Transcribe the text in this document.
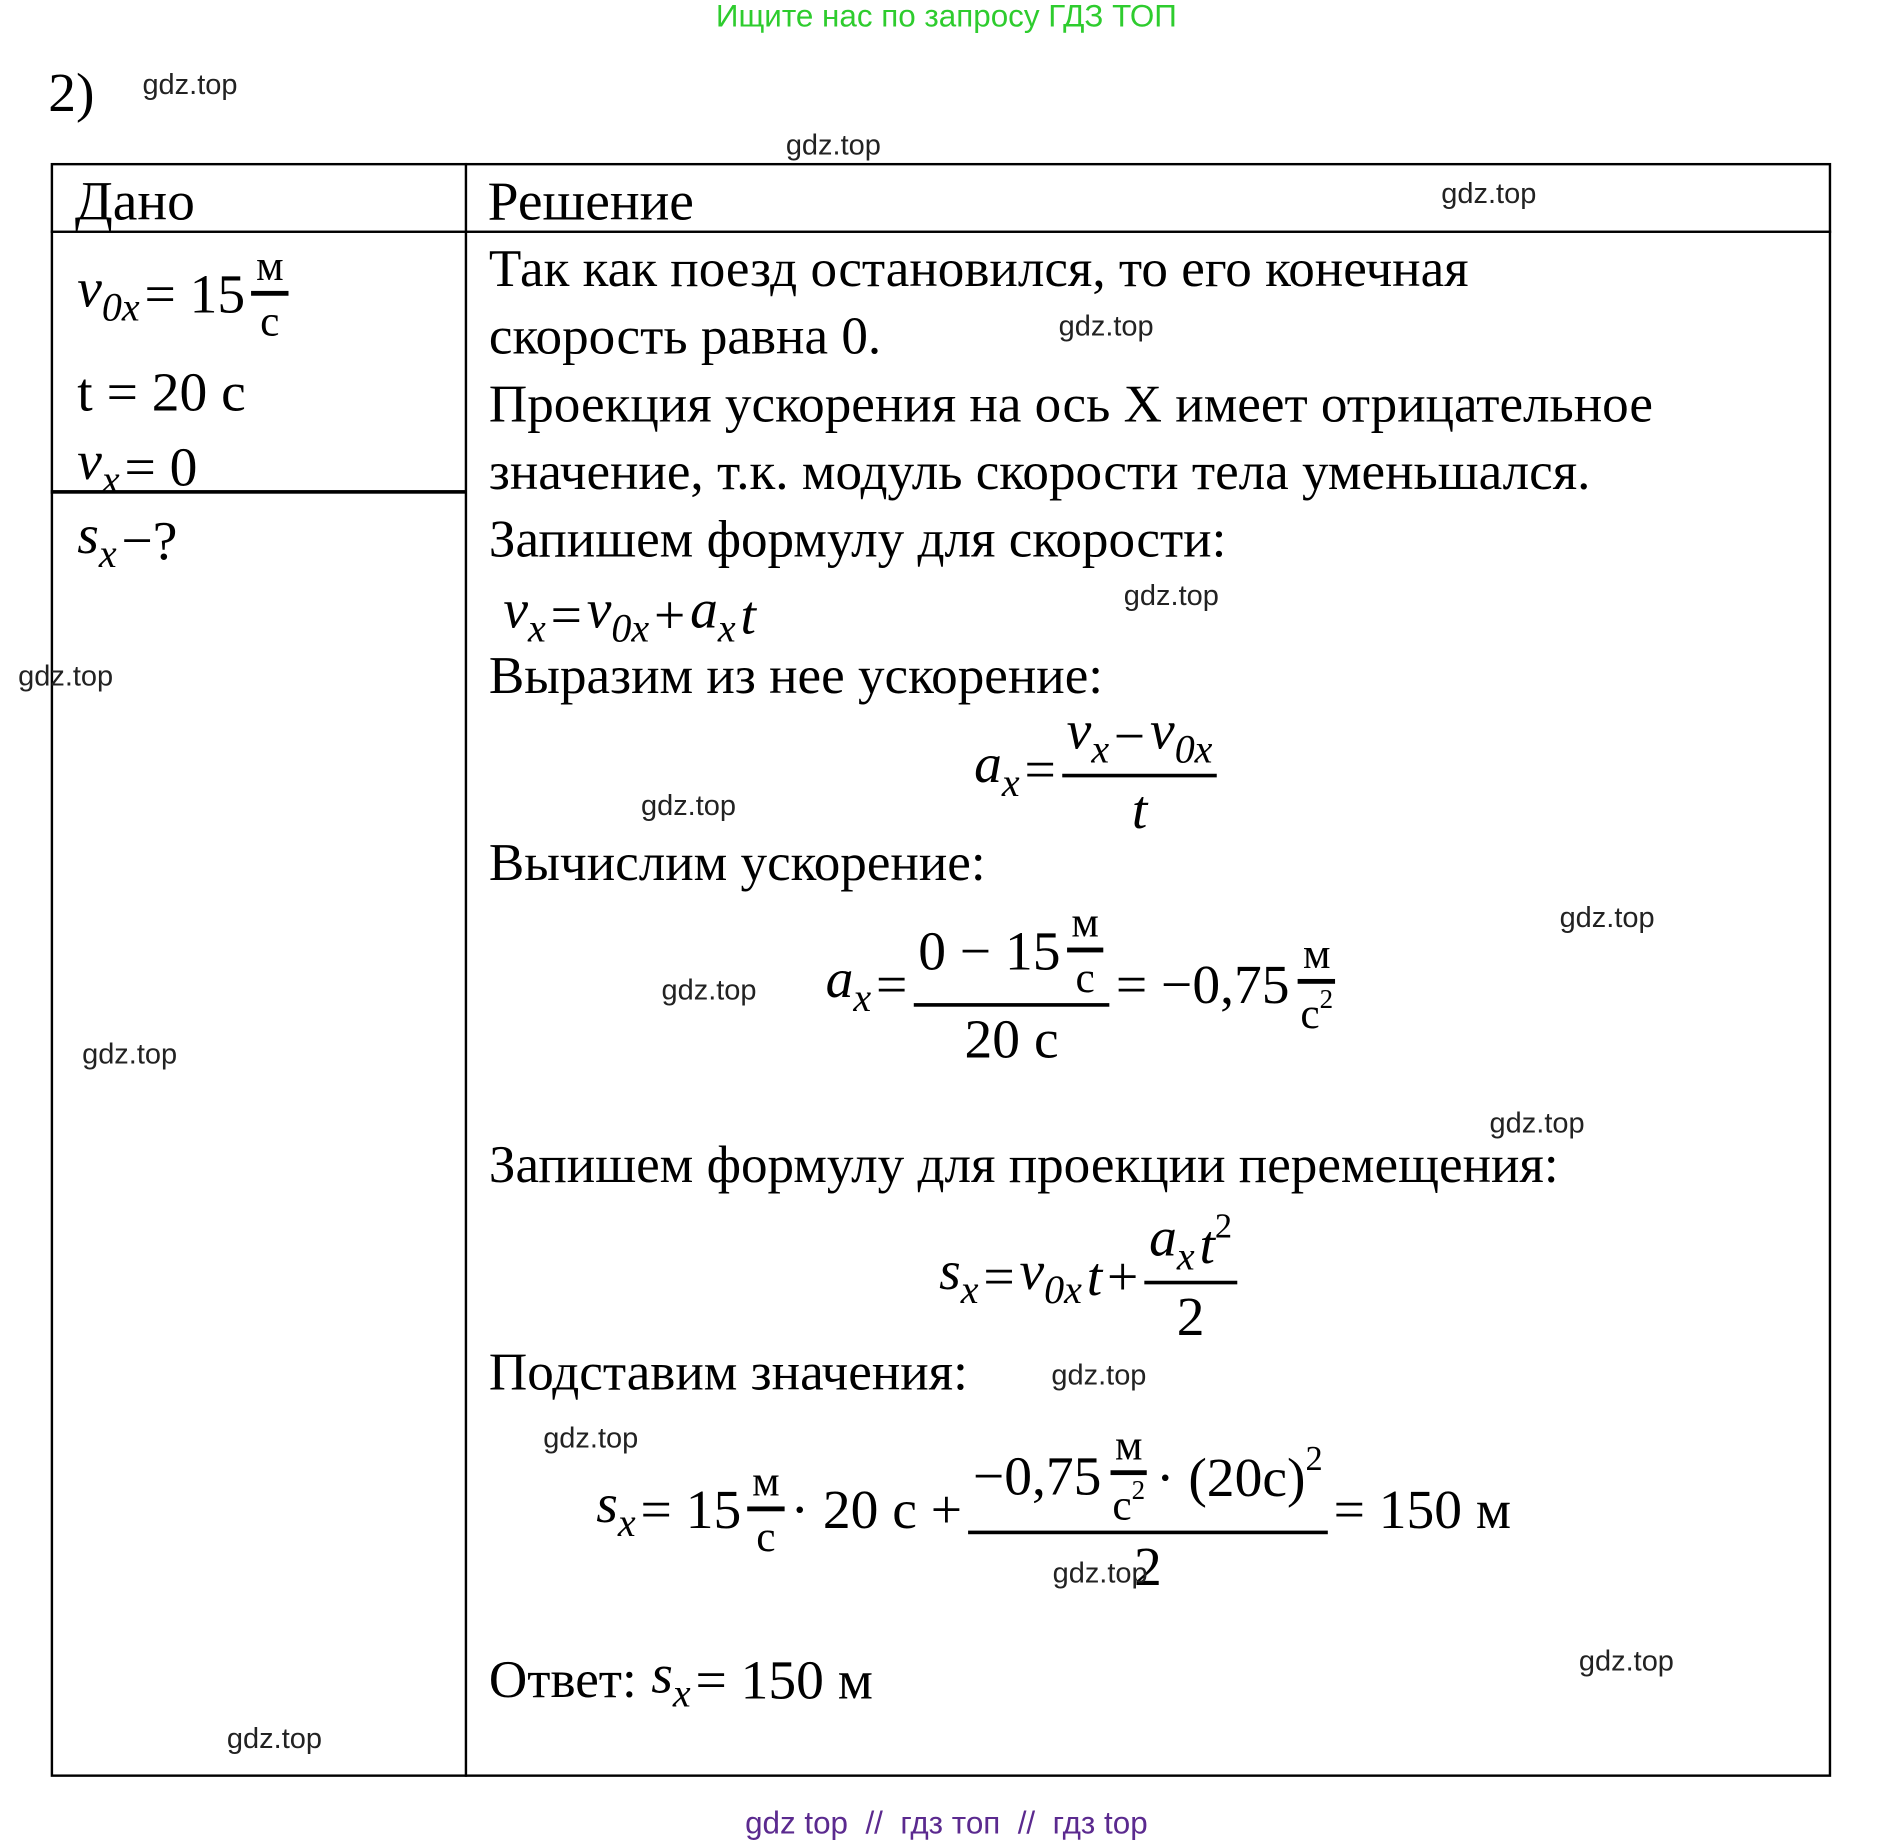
Ищите нас по запросу ГДЗ ТОП
2)
Дано	Решение
$v_{0x} = 15 \frac{м}{с}$
t = 20 с
$v_x = 0$
$s_x$ −?
Так как поезд остановился, то его конечная
скорость равна 0.
Проекция ускорения на ось X имеет отрицательное
значение, т.к. модуль скорости тела уменьшался.
Запишем формулу для скорости:
$v_x = v_{0x} + a_x$ t
Выразим из нее ускорение:
$a_x = \frac{v_x - v_{0x}}{t}$
Вычислим ускорение:
$a_x = \frac{0 - 15 \frac{м}{с}}{20 с} = -0,75 \frac{м}{с^2}$
Запишем формулу для проекции перемещения:
$s_x = v_{0x}$ $t + \frac{a_x t^2}{2}$
Подставим значения:
$s_x = 15 \frac{м}{с} \cdot 20$ $с + \frac{-0,75 \frac{м}{с^2} \cdot (20с)^2}{2} = 150$ м
Ответ: $s_x = 150$ м
gdz.top
gdz.top
gdz.top
gdz.top
gdz.top
gdz.top
gdz.top
gdz.top
gdz.top
gdz.top
gdz.top
gdz.top
gdz.top
gdz.top
gdz.top
gdz.top
gdz top  //  гдз топ  //  гдз top
